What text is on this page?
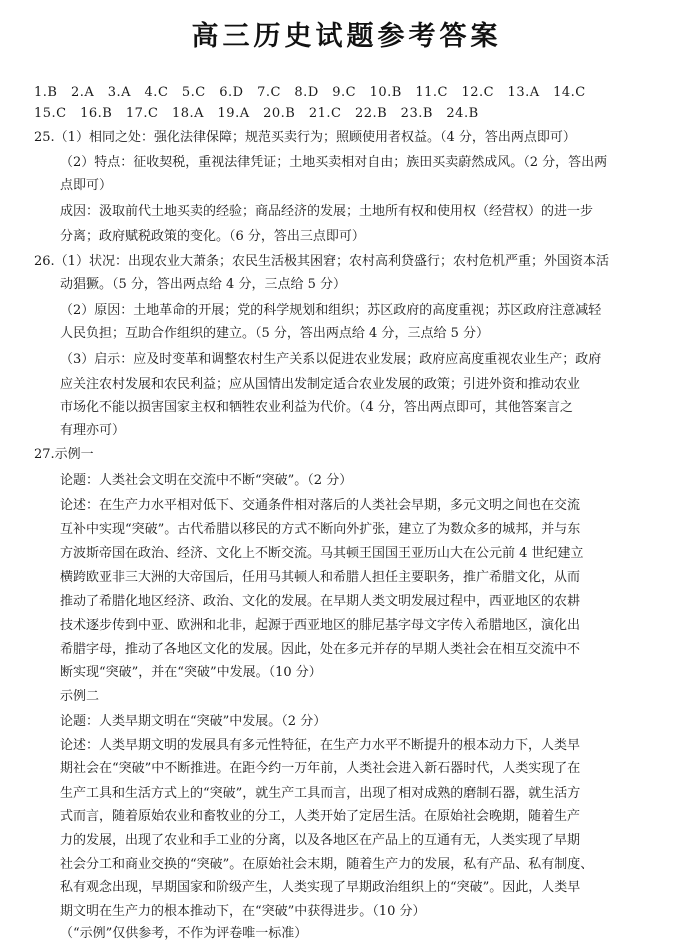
高三历史试题参考答案
1.B　2.A　3.A　4.C　5.C　6.D　7.C　8.D　9.C　10.B　11.C　12.C　13.A　14.C
15.C　16.B　17.C　18.A　19.A　20.B　21.C　22.B　23.B　24.B
25.（1）相同之处：强化法律保障；规范买卖行为；照顾使用者权益。（4 分，答出两点即可）
（2）特点：征收契税，重视法律凭证；土地买卖相对自由；族田买卖蔚然成风。（2 分，答出两
点即可）
成因：汲取前代土地买卖的经验；商品经济的发展；土地所有权和使用权（经营权）的进一步
分离；政府赋税政策的变化。（6 分，答出三点即可）
26.（1）状况：出现农业大萧条；农民生活极其困窘；农村高利贷盛行；农村危机严重；外国资本活
动猖獗。（5 分，答出两点给 4 分，三点给 5 分）
（2）原因：土地革命的开展；党的科学规划和组织；苏区政府的高度重视；苏区政府注意减轻
人民负担；互助合作组织的建立。（5 分，答出两点给 4 分，三点给 5 分）
（3）启示：应及时变革和调整农村生产关系以促进农业发展；政府应高度重视农业生产；政府
应关注农村发展和农民利益；应从国情出发制定适合农业发展的政策；引进外资和推动农业
市场化不能以损害国家主权和牺牲农业利益为代价。（4 分，答出两点即可，其他答案言之
有理亦可）
27.示例一
论题：人类社会文明在交流中不断“突破”。（2 分）
论述：在生产力水平相对低下、交通条件相对落后的人类社会早期，多元文明之间也在交流
互补中实现“突破”。古代希腊以移民的方式不断向外扩张，建立了为数众多的城邦，并与东
方波斯帝国在政治、经济、文化上不断交流。马其顿王国国王亚历山大在公元前 4 世纪建立
横跨欧亚非三大洲的大帝国后，任用马其顿人和希腊人担任主要职务，推广希腊文化，从而
推动了希腊化地区经济、政治、文化的发展。在早期人类文明发展过程中，西亚地区的农耕
技术逐步传到中亚、欧洲和北非，起源于西亚地区的腓尼基字母文字传入希腊地区，演化出
希腊字母，推动了各地区文化的发展。因此，处在多元并存的早期人类社会在相互交流中不
断实现“突破”，并在“突破”中发展。（10 分）
示例二
论题：人类早期文明在“突破”中发展。（2 分）
论述：人类早期文明的发展具有多元性特征，在生产力水平不断提升的根本动力下，人类早
期社会在“突破”中不断推进。在距今约一万年前，人类社会进入新石器时代，人类实现了在
生产工具和生活方式上的“突破”，就生产工具而言，出现了相对成熟的磨制石器，就生活方
式而言，随着原始农业和畜牧业的分工，人类开始了定居生活。在原始社会晚期，随着生产
力的发展，出现了农业和手工业的分离，以及各地区在产品上的互通有无，人类实现了早期
社会分工和商业交换的“突破”。在原始社会末期，随着生产力的发展，私有产品、私有制度、
私有观念出现，早期国家和阶级产生，人类实现了早期政治组织上的“突破”。因此，人类早
期文明在生产力的根本推动下，在“突破”中获得进步。（10 分）
（“示例”仅供参考，不作为评卷唯一标准）
